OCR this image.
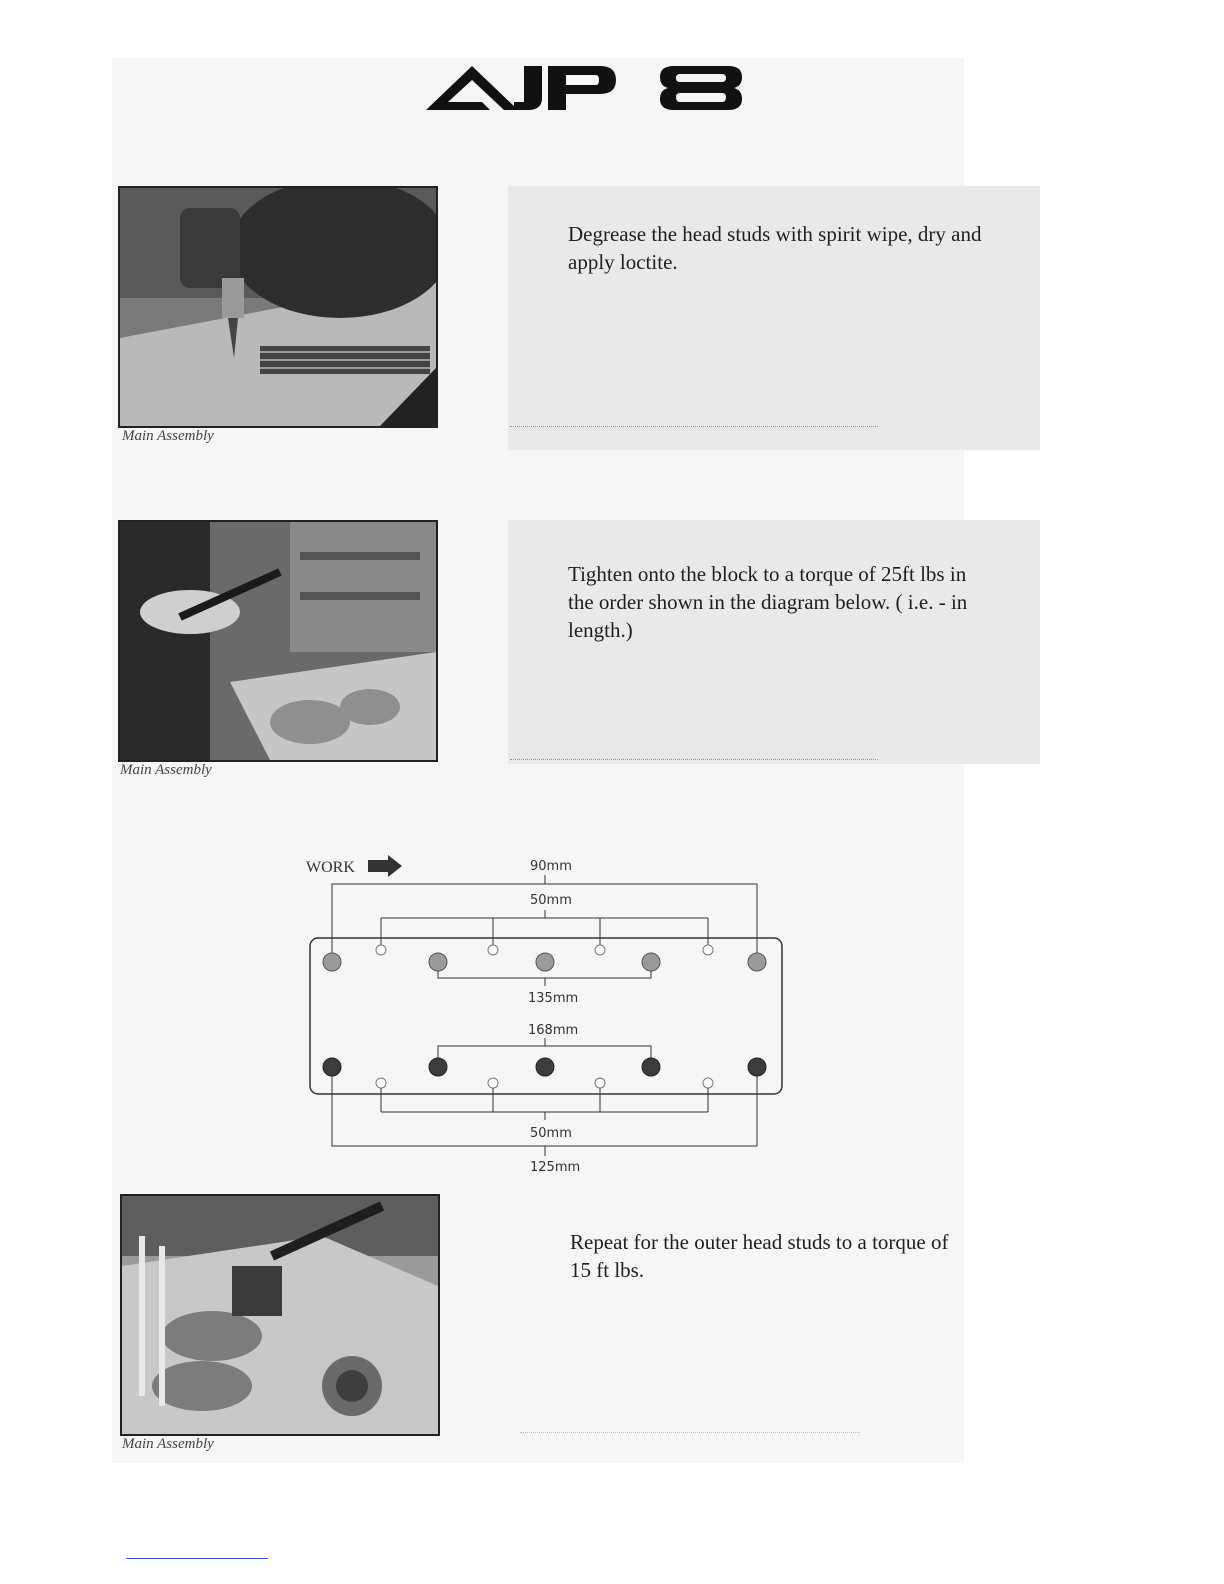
Main Assembly
Degrease the head studs with spirit wipe, dry and apply loctite.
Main Assembly
Tighten onto the block to a torque of 25ft lbs in the order shown in the diagram below. ( i.e. - in length.)
WORK	90mm
50mm
135mm
168mm
50mm
125mm
Main Assembly
Repeat for the outer head studs to a torque of 15 ft lbs.
